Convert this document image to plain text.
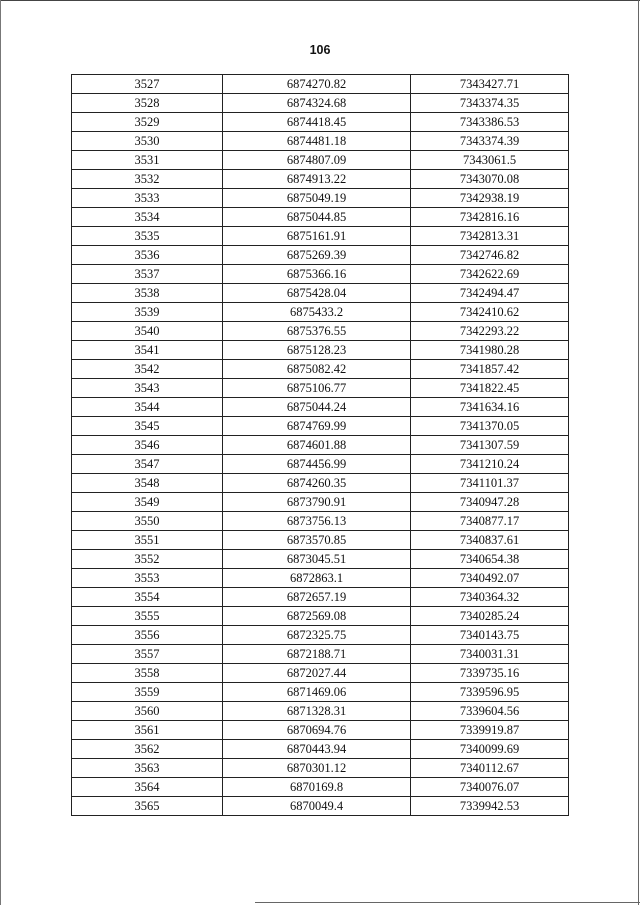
106
3527	6874270.82	7343427.71
3528	6874324.68	7343374.35
3529	6874418.45	7343386.53
3530	6874481.18	7343374.39
3531	6874807.09	7343061.5
3532	6874913.22	7343070.08
3533	6875049.19	7342938.19
3534	6875044.85	7342816.16
3535	6875161.91	7342813.31
3536	6875269.39	7342746.82
3537	6875366.16	7342622.69
3538	6875428.04	7342494.47
3539	6875433.2	7342410.62
3540	6875376.55	7342293.22
3541	6875128.23	7341980.28
3542	6875082.42	7341857.42
3543	6875106.77	7341822.45
3544	6875044.24	7341634.16
3545	6874769.99	7341370.05
3546	6874601.88	7341307.59
3547	6874456.99	7341210.24
3548	6874260.35	7341101.37
3549	6873790.91	7340947.28
3550	6873756.13	7340877.17
3551	6873570.85	7340837.61
3552	6873045.51	7340654.38
3553	6872863.1	7340492.07
3554	6872657.19	7340364.32
3555	6872569.08	7340285.24
3556	6872325.75	7340143.75
3557	6872188.71	7340031.31
3558	6872027.44	7339735.16
3559	6871469.06	7339596.95
3560	6871328.31	7339604.56
3561	6870694.76	7339919.87
3562	6870443.94	7340099.69
3563	6870301.12	7340112.67
3564	6870169.8	7340076.07
3565	6870049.4	7339942.53
